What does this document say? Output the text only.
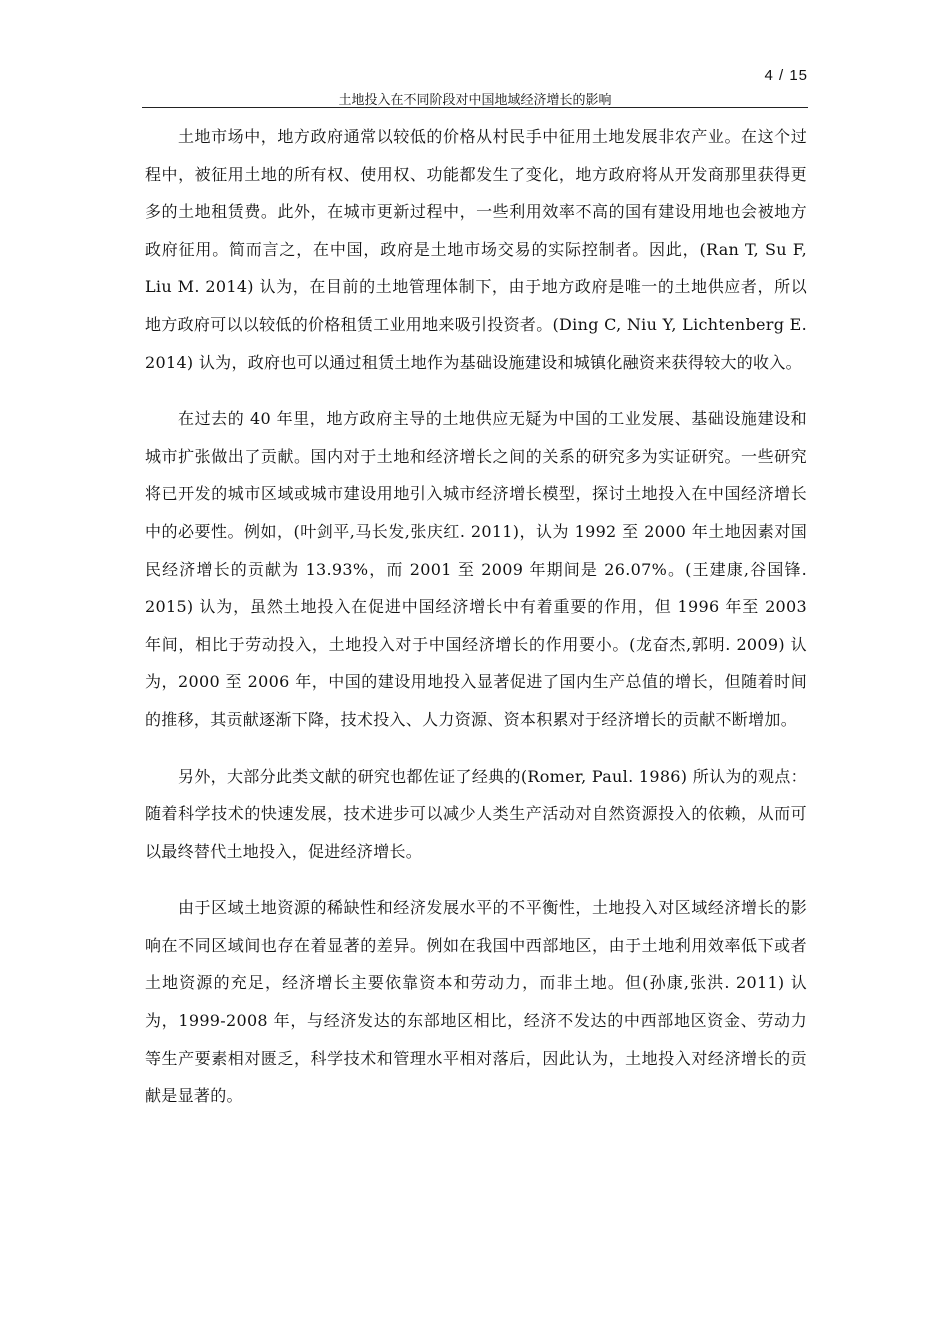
4 / 15
土地投入在不同阶段对中国地域经济增长的影响

土地市场中，地方政府通常以较低的价格从村民手中征用土地发展非农产业。在这个过程中，被征用土地的所有权、使用权、功能都发生了变化，地方政府将从开发商那里获得更多的土地租赁费。此外，在城市更新过程中，一些利用效率不高的国有建设用地也会被地方政府征用。简而言之，在中国，政府是土地市场交易的实际控制者。因此，(Ran T, Su F, Liu M. 2014) 认为，在目前的土地管理体制下，由于地方政府是唯一的土地供应者，所以地方政府可以以较低的价格租赁工业用地来吸引投资者。(Ding C, Niu Y, Lichtenberg E. 2014) 认为，政府也可以通过租赁土地作为基础设施建设和城镇化融资来获得较大的收入。

在过去的 40 年里，地方政府主导的土地供应无疑为中国的工业发展、基础设施建设和城市扩张做出了贡献。国内对于土地和经济增长之间的关系的研究多为实证研究。一些研究将已开发的城市区域或城市建设用地引入城市经济增长模型，探讨土地投入在中国经济增长中的必要性。例如，(叶剑平,马长发,张庆红. 2011)，认为 1992 至 2000 年土地因素对国民经济增长的贡献为 13.93%，而 2001 至 2009 年期间是 26.07%。(王建康,谷国锋. 2015) 认为，虽然土地投入在促进中国经济增长中有着重要的作用，但 1996 年至 2003 年间，相比于劳动投入，土地投入对于中国经济增长的作用要小。(龙奋杰,郭明. 2009) 认为，2000 至 2006 年，中国的建设用地投入显著促进了国内生产总值的增长，但随着时间的推移，其贡献逐渐下降，技术投入、人力资源、资本积累对于经济增长的贡献不断增加。

另外，大部分此类文献的研究也都佐证了经典的(Romer, Paul. 1986) 所认为的观点：随着科学技术的快速发展，技术进步可以减少人类生产活动对自然资源投入的依赖，从而可以最终替代土地投入，促进经济增长。

由于区域土地资源的稀缺性和经济发展水平的不平衡性，土地投入对区域经济增长的影响在不同区域间也存在着显著的差异。例如在我国中西部地区，由于土地利用效率低下或者土地资源的充足，经济增长主要依靠资本和劳动力，而非土地。但(孙康,张洪. 2011) 认为，1999-2008 年，与经济发达的东部地区相比，经济不发达的中西部地区资金、劳动力等生产要素相对匮乏，科学技术和管理水平相对落后，因此认为，土地投入对经济增长的贡献是显著的。
